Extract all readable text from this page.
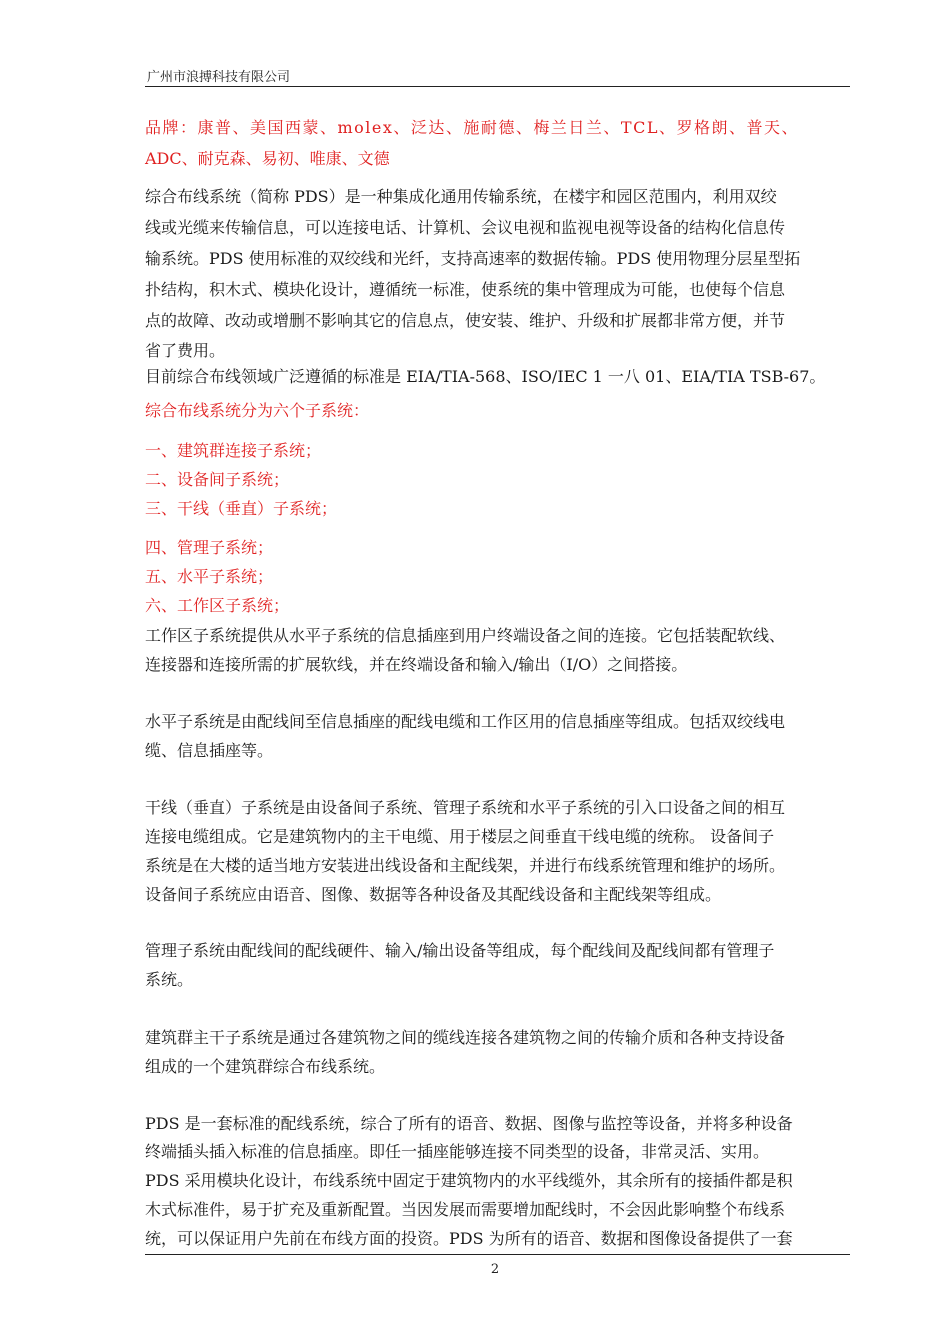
广州市浪搏科技有限公司
品牌：康普、美国西蒙、molex、泛达、施耐德、梅兰日兰、TCL、罗格朗、普天、
ADC、耐克森、易初、唯康、文德
综合布线系统（简称 PDS）是一种集成化通用传输系统，在楼宇和园区范围内，利用双绞
线或光缆来传输信息，可以连接电话、计算机、会议电视和监视电视等设备的结构化信息传
输系统。PDS 使用标准的双绞线和光纤，支持高速率的数据传输。PDS 使用物理分层星型拓
扑结构，积木式、模块化设计，遵循统一标准，使系统的集中管理成为可能，也使每个信息
点的故障、改动或增删不影响其它的信息点，使安装、维护、升级和扩展都非常方便，并节
省了费用。
目前综合布线领域广泛遵循的标准是 EIA/TIA-568、ISO/IEC 1 一八 01、EIA/TIA TSB-67。
综合布线系统分为六个子系统：
一、建筑群连接子系统；
二、设备间子系统；
三、干线（垂直）子系统；
四、管理子系统；
五、水平子系统；
六、工作区子系统；
工作区子系统提供从水平子系统的信息插座到用户终端设备之间的连接。它包括装配软线、
连接器和连接所需的扩展软线，并在终端设备和输入/输出（I/O）之间搭接。
水平子系统是由配线间至信息插座的配线电缆和工作区用的信息插座等组成。包括双绞线电
缆、信息插座等。
干线（垂直）子系统是由设备间子系统、管理子系统和水平子系统的引入口设备之间的相互
连接电缆组成。它是建筑物内的主干电缆、用于楼层之间垂直干线电缆的统称。 设备间子
系统是在大楼的适当地方安装进出线设备和主配线架，并进行布线系统管理和维护的场所。
设备间子系统应由语音、图像、数据等各种设备及其配线设备和主配线架等组成。
管理子系统由配线间的配线硬件、输入/输出设备等组成，每个配线间及配线间都有管理子
系统。
建筑群主干子系统是通过各建筑物之间的缆线连接各建筑物之间的传输介质和各种支持设备
组成的一个建筑群综合布线系统。
PDS 是一套标准的配线系统，综合了所有的语音、数据、图像与监控等设备，并将多种设备
终端插头插入标准的信息插座。即任一插座能够连接不同类型的设备，非常灵活、实用。
PDS 采用模块化设计，布线系统中固定于建筑物内的水平线缆外，其余所有的接插件都是积
木式标准件，易于扩充及重新配置。当因发展而需要增加配线时，不会因此影响整个布线系
统，可以保证用户先前在布线方面的投资。PDS 为所有的语音、数据和图像设备提供了一套
2
